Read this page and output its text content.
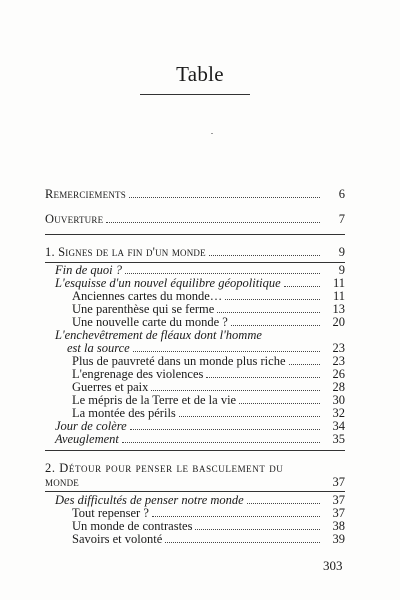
Table
Remerciements	6
Ouverture	7
1. Signes de la fin d'un monde	9
Fin de quoi ?	9
L'esquisse d'un nouvel équilibre géopolitique	11
Anciennes cartes du monde…	11
Une parenthèse qui se ferme	13
Une nouvelle carte du monde ?	20
L'enchevêtrement de fléaux dont l'homme
est la source	23
Plus de pauvreté dans un monde plus riche	23
L'engrenage des violences	26
Guerres et paix	28
Le mépris de la Terre et de la vie	30
La montée des périls	32
Jour de colère	34
Aveuglement	35
2. Détour pour penser le basculement du
monde	37
Des difficultés de penser notre monde	37
Tout repenser ?	37
Un monde de contrastes	38
Savoirs et volonté	39
303
